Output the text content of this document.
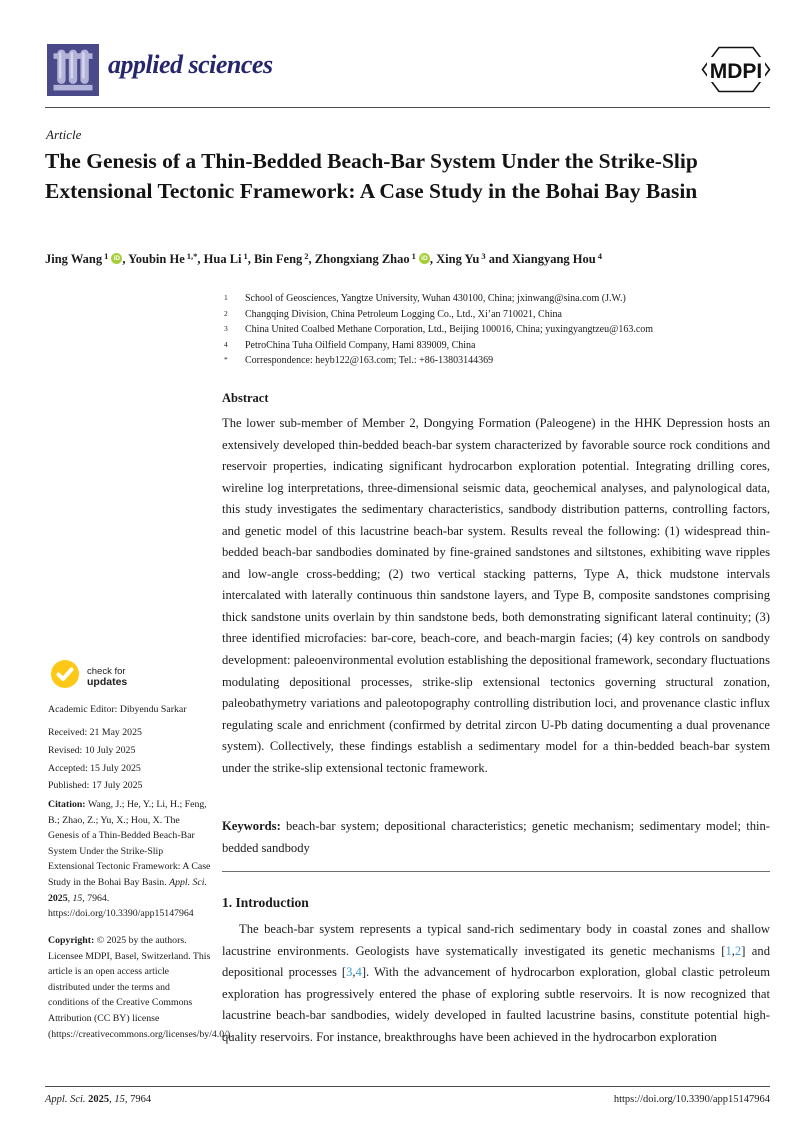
applied sciences	MDPI
Article
The Genesis of a Thin-Bedded Beach-Bar System Under the Strike-Slip Extensional Tectonic Framework: A Case Study in the Bohai Bay Basin
Jing Wang $^1$ iD , Youbin He $^{1,*}$, Hua Li $^1$, Bin Feng $^2$, Zhongxiang Zhao $^1$ iD , Xing Yu $^3$ and Xiangyang Hou $^4$
1 School of Geosciences, Yangtze University, Wuhan 430100, China; jxinwang@sina.com (J.W.)
2 Changqing Division, China Petroleum Logging Co., Ltd., Xi’an 710021, China
3 China United Coalbed Methane Corporation, Ltd., Beijing 100016, China; yuxingyangtzeu@163.com
4 PetroChina Tuha Oilfield Company, Hami 839009, China
* Correspondence: heyb122@163.com; Tel.: +86-13803144369
Abstract
The lower sub-member of Member 2, Dongying Formation (Paleogene) in the HHK Depression hosts an extensively developed thin-bedded beach-bar system characterized by favorable source rock conditions and reservoir properties, indicating significant hydrocarbon exploration potential. Integrating drilling cores, wireline log interpretations, three-dimensional seismic data, geochemical analyses, and palynological data, this study investigates the sedimentary characteristics, sandbody distribution patterns, controlling factors, and genetic model of this lacustrine beach-bar system. Results reveal the following: (1) widespread thin-bedded beach-bar sandbodies dominated by fine-grained sandstones and siltstones, exhibiting wave ripples and low-angle cross-bedding; (2) two vertical stacking patterns, Type A, thick mudstone intervals intercalated with laterally continuous thin sandstone layers, and Type B, composite sandstones comprising thick sandstone units overlain by thin sandstone beds, both demonstrating significant lateral continuity; (3) three identified microfacies: bar-core, beach-core, and beach-margin facies; (4) key controls on sandbody development: paleoenvironmental evolution establishing the depositional framework, secondary fluctuations modulating depositional processes, strike-slip extensional tectonics governing structural zonation, paleobathymetry variations and paleotopography controlling distribution loci, and provenance clastic influx regulating scale and enrichment (confirmed by detrital zircon U-Pb dating documenting a dual provenance system). Collectively, these findings establish a sedimentary model for a thin-bedded beach-bar system under the strike-slip extensional tectonic framework.
Keywords: beach-bar system; depositional characteristics; genetic mechanism; sedimentary model; thin-bedded sandbody
1. Introduction
The beach-bar system represents a typical sand-rich sedimentary body in coastal zones and shallow lacustrine environments. Geologists have systematically investigated its genetic mechanisms [1,2] and depositional processes [3,4]. With the advancement of hydrocarbon exploration, global clastic petroleum exploration has progressively entered the phase of exploring subtle reservoirs. It is now recognized that lacustrine beach-bar sandbodies, widely developed in faulted lacustrine basins, constitute potential high-quality reservoirs. For instance, breakthroughs have been achieved in the hydrocarbon exploration
check for
updates
Academic Editor: Dibyendu Sarkar
Received: 21 May 2025
Revised: 10 July 2025
Accepted: 15 July 2025
Published: 17 July 2025
Citation: Wang, J.; He, Y.; Li, H.; Feng, B.; Zhao, Z.; Yu, X.; Hou, X. The Genesis of a Thin-Bedded Beach-Bar System Under the Strike-Slip Extensional Tectonic Framework: A Case Study in the Bohai Bay Basin. Appl. Sci. 2025, 15, 7964. https://doi.org/10.3390/app15147964
Copyright: © 2025 by the authors. Licensee MDPI, Basel, Switzerland. This article is an open access article distributed under the terms and conditions of the Creative Commons Attribution (CC BY) license (https://creativecommons.org/licenses/by/4.0/).
Appl. Sci. 2025, 15, 7964	https://doi.org/10.3390/app15147964
